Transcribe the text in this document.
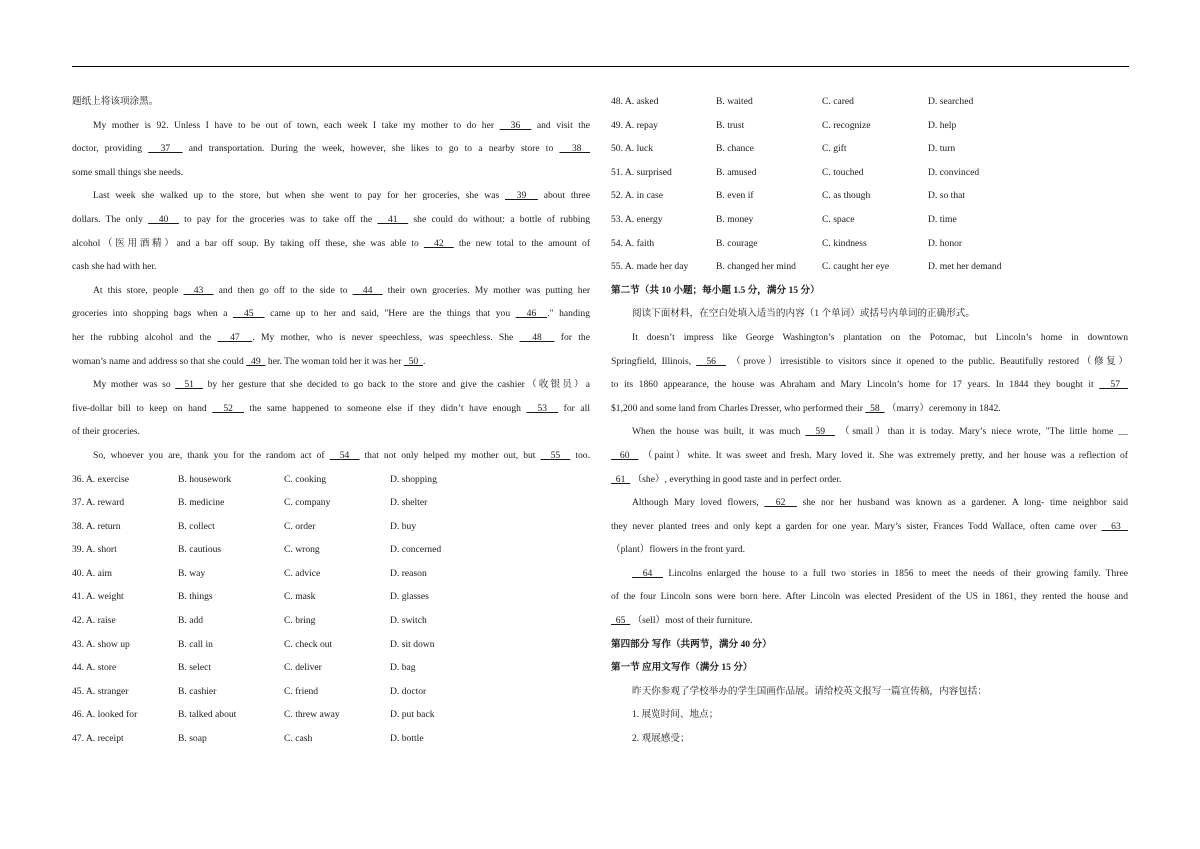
题纸上将该项涂黑。
My mother is 92. Unless I have to be out of town, each week I take my mother to do her   36   and visit the
doctor, providing   37   and transportation. During the week, however, she likes to go to a nearby store to   38
some small things she needs.
Last week she walked up to the store, but when she went to pay for her groceries, she was   39   about three
dollars. The only   40   to pay for the groceries was to take off the   41   she could do without: a bottle of rubbing
alcohol（医用酒精）and a bar off soup. By taking off these, she was able to   42   the new total to the amount of
cash she had with her.
At this store, people   43   and then go off to the side to   44   their own groceries. My mother was putting her
groceries into shopping bags when a   45   came up to her and said, "Here are the things that you   46  ." handing
her the rubbing alcohol and the   47  . My mother, who is never speechless, was speechless. She   48   for the
woman’s name and address so that she could   49   her. The woman told her it was her   50  .
My mother was so   51   by her gesture that she decided to go back to the store and give the cashier（收银员）a
five-dollar bill to keep on hand   52   the same happened to someone else if they didn’t have enough   53   for all
of their groceries.
So, whoever you are, thank you for the random act of   54   that not only helped my mother out, but   55   too.
36. A. exercise	B. housework	C. cooking	D. shopping
37. A. reward	B. medicine	C. company	D. shelter
38. A. return	B. collect	C. order	D. buy
39. A. short	B. cautious	C. wrong	D. concerned
40. A. aim	B. way	C. advice	D. reason
41. A. weight	B. things	C. mask	D. glasses
42. A. raise	B. add	C. bring	D. switch
43. A. show up	B. call in	C. check out	D. sit down
44. A. store	B. select	C. deliver	D. bag
45. A. stranger	B. cashier	C. friend	D. doctor
46. A. looked for	B. talked about	C. threw away	D. put back
47. A. receipt	B. soap	C. cash	D. bottle
48. A. asked	B. waited	C. cared	D. searched
49. A. repay	B. trust	C. recognize	D. help
50. A. luck	B. chance	C. gift	D. turn
51. A. surprised	B. amused	C. touched	D. convinced
52. A. in case	B. even if	C. as though	D. so that
53. A. energy	B. money	C. space	D. time
54. A. faith	B. courage	C. kindness	D. honor
55. A. made her day	B. changed her mind	C. caught her eye	D. met her demand
第二节（共 10 小题；每小题 1.5 分，满分 15 分）
阅读下面材料，在空白处填入适当的内容（1 个单词）或括号内单词的正确形式。
It doesn’t impress like George Washington’s plantation on the Potomac, but Lincoln’s home in downtown
Springfield, Illinois,   56   （prove）irresistible to visitors since it opened to the public. Beautifully restored（修复）
to its 1860 appearance, the house was Abraham and Mary Lincoln’s home for 17 years. In 1844 they bought it   57
$1,200 and some land from Charles Dresser, who performed their   58   （marry）ceremony in 1842.
When the house was built, it was much   59   （small）than it is today. Mary’s niece wrote, "The little home __
60   （paint）white. It was sweet and fresh. Mary loved it. She was extremely pretty, and her house was a reflection of
61   （she）, everything in good taste and in perfect order.
Although Mary loved flowers,   62   she nor her husband was known as a gardener. A long- time neighbor said
they never planted trees and only kept a garden for one year. Mary’s sister, Frances Todd Wallace, often came over   63
（plant）flowers in the front yard.
64   Lincolns enlarged the house to a full two stories in 1856 to meet the needs of their growing family. Three
of the four Lincoln sons were born here. After Lincoln was elected President of the US in 1861, they rented the house and
65   （sell）most of their furniture.
第四部分 写作（共两节，满分 40 分）
第一节 应用文写作（满分 15 分）
昨天你参观了学校举办的学生国画作品展。请给校英文报写一篇宣传稿，内容包括：
1. 展览时间、地点；
2. 观展感受；
